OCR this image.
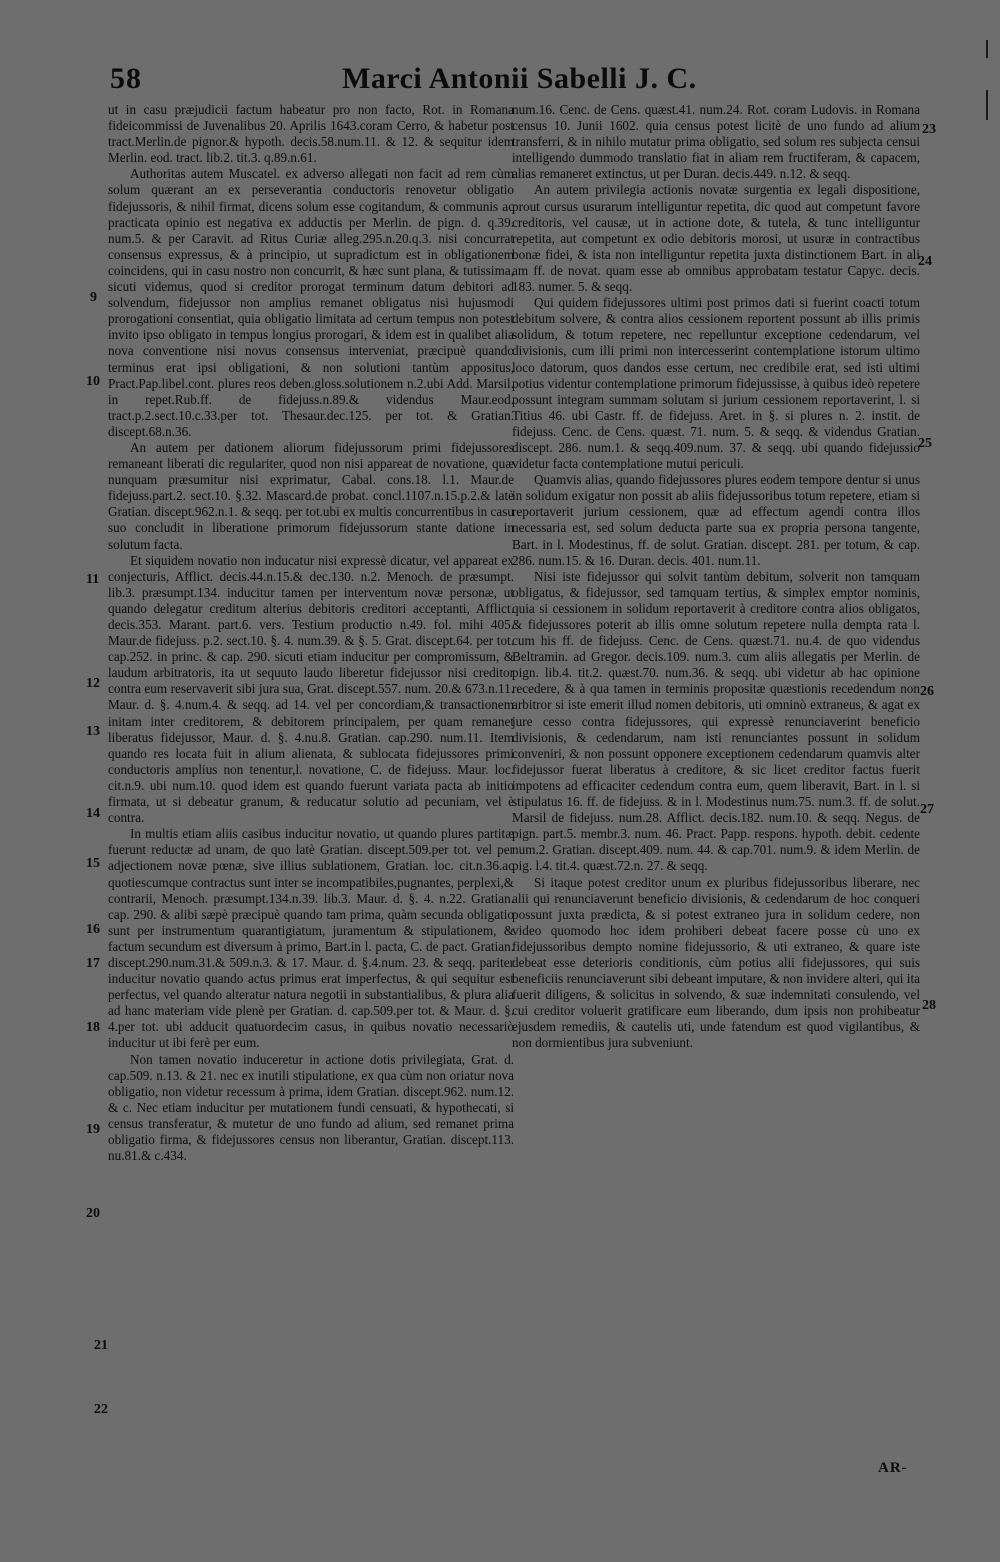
58	Marci Antonii Sabelli J. C.

ut in casu præjudicii factum habeatur pro non facto, Rot. in Romana fideicommissi de Juvenalibus 20. Aprilis 1643.coram Cerro, & habetur post tract.Merlin.de pignor.& hypoth. decis.58.num.11. & 12. & sequitur idem Merlin. eod. tract. lib.2. tit.3. q.89.n.61.

Authoritas autem Muscatel. ex adverso allegati non facit ad rem cùm solum quærant an ex perseverantia conductoris renovetur obligatio fidejussoris, & nihil firmat, dicens solum esse cogitandum, & communis ac practicata opinio est negativa ex adductis per Merlin. de pign. d. q.39. num.5. & per Caravit. ad Ritus Curiæ alleg.295.n.20.q.3. nisi concurrat consensus expressus, & à principio, ut supradictum est in obligationem coincidens, qui in casu nostro non concurrit, & hæc sunt plana, & tutissima, sicuti videmus, quod si creditor prorogat terminum datum debitori ad solvendum, fidejussor non amplius remanet obligatus nisi hujusmodi prorogationi consentiat, quia obligatio limitata ad certum tempus non potest invito ipso obligato in tempus longius prorogari, & idem est in qualibet alia nova conventione nisi novus consensus interveniat, præcipuè quando terminus erat ipsi obligationi, & non solutioni tantùm appositus, Pract.Pap.libel.cont. plures reos deben.gloss.solutionem n.2.ubi Add. Marsil. in repet.Rub.ff. de fidejuss.n.89.& videndus Maur.eod. tract.p.2.sect.10.c.33.per tot. Thesaur.dec.125. per tot. & Gratian. discept.68.n.36.

An autem per dationem aliorum fidejussorum primi fidejussores remaneant liberati dic regulariter, quod non nisi appareat de novatione, quæ nunquam præsumitur nisi exprimatur, Cabal. cons.18. l.1. Maur.de fidejuss.part.2. sect.10. §.32. Mascard.de probat. concl.1107.n.15.p.2.& latè Gratian. discept.962.n.1. & seqq. per tot.ubi ex multis concurrentibus in casu suo concludit in liberatione primorum fidejussorum stante datione in solutum facta.

Et siquidem novatio non inducatur nisi expressè dicatur, vel appareat ex conjecturis, Afflict. decis.44.n.15.& dec.130. n.2. Menoch. de præsumpt. lib.3. præsumpt.134. inducitur tamen per interventum novæ personæ, ut quando delegatur creditum alterius debitoris creditori acceptanti, Afflict. decis.353. Marant. part.6. vers. Testium productio n.49. fol. mihi 405. Maur.de fidejuss. p.2. sect.10. §. 4. num.39. & §. 5. Grat. discept.64. per tot. cap.252. in princ. & cap. 290. sicuti etiam inducitur per compromissum, & laudum arbitratoris, ita ut sequuto laudo liberetur fidejussor nisi creditor contra eum reservaverit sibi jura sua, Grat. discept.557. num. 20.& 673.n.11. Maur. d. §. 4.num.4. & seqq. ad 14. vel per concordiam,& transactionem initam inter creditorem, & debitorem principalem, per quam remanet liberatus fidejussor, Maur. d. §. 4.nu.8. Gratian. cap.290. num.11. Item quando res locata fuit in alium alienata, & sublocata fidejussores primi conductoris amplius non tenentur,l. novatione, C. de fidejuss. Maur. loc. cit.n.9. ubi num.10. quod idem est quando fuerunt variata pacta ab initio firmata, ut si debeatur granum, & reducatur solutio ad pecuniam, vel è contra.

In multis etiam aliis casibus inducitur novatio, ut quando plures partitæ fuerunt reductæ ad unam, de quo latè Gratian. discept.509.per tot. vel per adjectionem novæ pœnæ, sive illius sublationem, Gratian. loc. cit.n.36.ac quotiescumque contractus sunt inter se incompatibiles,pugnantes, perplexi,& contrarii, Menoch. præsumpt.134.n.39. lib.3. Maur. d. §. 4. n.22. Gratian. cap. 290. & alibi sæpè præcipuè quando tam prima, quàm secunda obligatio sunt per instrumentum quarantigiatum, juramentum & stipulationem, & factum secundum est diversum à primo, Bart.in l. pacta, C. de pact. Gratian. discept.290.num.31.& 509.n.3. & 17. Maur. d. §.4.num. 23. & seqq. pariter inducitur novatio quando actus primus erat imperfectus, & qui sequitur est perfectus, vel quando alteratur natura negotii in substantialibus, & plura alia ad hanc materiam vide plenè per Gratian. d. cap.509.per tot. & Maur. d. §. 4.per tot. ubi adducit quatuordecim casus, in quibus novatio necessariò inducitur ut ibi ferè per eum.

Non tamen novatio induceretur in actione dotis privilegiata, Grat. d. cap.509. n.13. & 21. nec ex inutili stipulatione, ex qua cùm non oriatur nova obligatio, non videtur recessum à prima, idem Gratian. discept.962. num.12. & c. Nec etiam inducitur per mutationem fundi censuati, & hypothecati, si census transferatur, & mutetur de uno fundo ad alium, sed remanet prima obligatio firma, & fidejussores census non liberantur, Gratian. discept.113. nu.81.& c.434.

num.16. Cenc. de Cens. quæst.41. num.24. Rot. coram Ludovis. in Romana census 10. Junii 1602. quia census potest licitè de uno fundo ad alium transferri, & in nihilo mutatur prima obligatio, sed solum res subjecta censui intelligendo dummodo translatio fiat in aliam rem fructiferam, & capacem, alias remaneret extinctus, ut per Duran. decis.449. n.12. & seqq.

An autem privilegia actionis novatæ surgentia ex legali dispositione, prout cursus usurarum intelliguntur repetita, dic quod aut competunt favore creditoris, vel causæ, ut in actione dote, & tutela, & tunc intelliguntur repetita, aut competunt ex odio debitoris morosi, ut usuræ in contractibus bonæ fidei, & ista non intelliguntur repetita juxta distinctionem Bart. in ali am ff. de novat. quam esse ab omnibus approbatam testatur Capyc. decis. 183. numer. 5. & seqq.

Qui quidem fidejussores ultimi post primos dati si fuerint coacti totum debitum solvere, & contra alios cessionem reportent possunt ab illis primis solidum, & totum repetere, nec repelluntur exceptione cedendarum, vel divisionis, cum illi primi non intercesserint contemplatione istorum ultimo loco datorum, quos dandos esse certum, nec credibile erat, sed isti ultimi potius videntur contemplatione primorum fidejussisse, à quibus ideò repetere possunt integram summam solutam si jurium cessionem reportaverint, l. si Titius 46. ubi Castr. ff. de fidejuss. Aret. in §. si plures n. 2. instit. de fidejuss. Cenc. de Cens. quæst. 71. num. 5. & seqq. & videndus Gratian. discept. 286. num.1. & seqq.409.num. 37. & seqq. ubi quando fidejussio videtur facta contemplatione mutui periculi.

Quamvis alias, quando fidejussores plures eodem tempore dentur si unus in solidum exigatur non possit ab aliis fidejussoribus totum repetere, etiam si reportaverit jurium cessionem, quæ ad effectum agendi contra illos necessaria est, sed solum deducta parte sua ex propria persona tangente, Bart. in l. Modestinus, ff. de solut. Gratian. discept. 281. per totum, & cap. 286. num.15. & 16. Duran. decis. 401. num.11.

Nisi iste fidejussor qui solvit tantùm debitum, solverit non tamquam obligatus, & fidejussor, sed tamquam tertius, & simplex emptor nominis, quia si cessionem in solidum reportaverit à creditore contra alios obligatos, & fidejussores poterit ab illis omne solutum repetere nulla dempta rata l. cum his ff. de fidejuss. Cenc. de Cens. quæst.71. nu.4. de quo videndus Beltramin. ad Gregor. decis.109. num.3. cum aliis allegatis per Merlin. de pign. lib.4. tit.2. quæst.70. num.36. & seqq. ubi videtur ab hac opinione recedere, & à qua tamen in terminis propositæ quæstionis recedendum non arbitror si iste emerit illud nomen debitoris, uti omninò extraneus, & agat ex jure cesso contra fidejussores, qui expressè renunciaverint beneficio divisionis, & cedendarum, nam isti renunciantes possunt in solidum conveniri, & non possunt opponere exceptionem cedendarum quamvis alter fidejussor fuerat liberatus à creditore, & sic licet creditor factus fuerit impotens ad efficaciter cedendum contra eum, quem liberavit, Bart. in l. si stipulatus 16. ff. de fidejuss. & in l. Modestinus num.75. num.3. ff. de solut. Marsil de fidejuss. num.28. Afflict. decis.182. num.10. & seqq. Negus. de pign. part.5. membr.3. num. 46. Pract. Papp. respons. hypoth. debit. cedente num.2. Gratian. discept.409. num. 44. & cap.701. num.9. & idem Merlin. de pig. l.4. tit.4. quæst.72.n. 27. & seqq.

Si itaque potest creditor unum ex pluribus fidejussoribus liberare, nec alii qui renunciaverunt beneficio divisionis, & cedendarum de hoc conqueri possunt juxta prædicta, & si potest extraneo jura in solidum cedere, non video quomodo hoc idem prohiberi debeat facere posse cù uno ex fidejussoribus dempto nomine fidejussorio, & uti extraneo, & quare iste debeat esse deterioris conditionis, cùm potius alii fidejussores, qui suis beneficiis renunciaverunt sibi debeant imputare, & non invidere alteri, qui ita fuerit diligens, & solicitus in solvendo, & suæ indemnitati consulendo, vel cui creditor voluerit gratificare eum liberando, dum ipsis non prohibeatur ejusdem remediis, & cautelis uti, unde fatendum est quod vigilantibus, & non dormientibus jura subveniunt.

9
10
11
12
13
14
15
16
17
18
19
20
21
22
23
24
25
26
27
28
AR-
